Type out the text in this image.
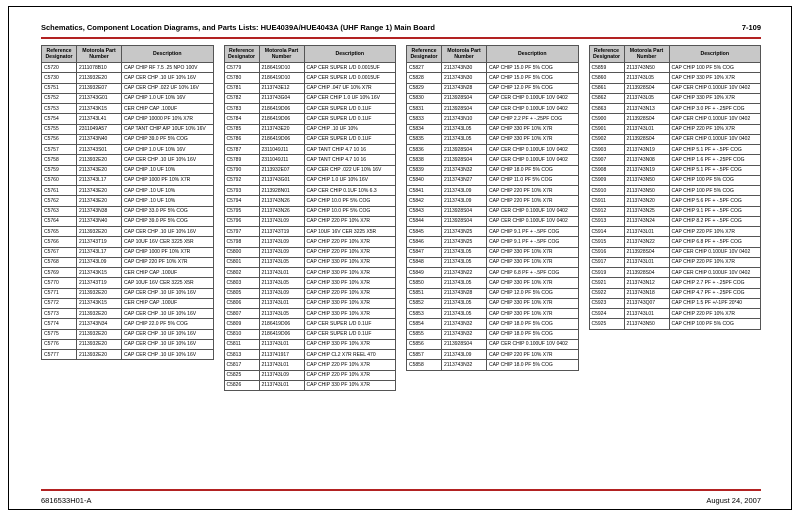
Schematics, Component Location Diagrams, and Parts Lists: HUE4039A/HUE4043A (UHF Range 1) Main Board	7-109
Reference Designator	Motorola Part Number	Description
C5720	2111078B10	CAP CHIP RF 7.5 .25 NPO 100V
C5730	2113932E20	CAP CER CHP .10 UF 10% 16V
C5751	2113932E07	CAP CER CHP .022 UF 10% 16V
C5752	2113743G01	CAP CHIP 1.0 UF 10% 16V
C5753	2113743K15	CER CHIP CAP .100UF
C5754	2113743L41	CAP CHIP 10000 PF 10% X7R
C5755	2311049A57	CAP TANT CHIP A/P 10UF 10% 16V
C5756	2113743N40	CAP CHIP 39.0 PF 5% COG
C5757	2113743S01	CAP CHIP 1.0 UF 10% 16V
C5758	2113932E20	CAP CER CHP .10 UF 10% 16V
C5759	2113743E20	CAP CHIP .10 UF 10%
C5760	2113743L17	CAP CHIP 1000 PF 10% X7R
C5761	2113743E20	CAP CHIP .10 UF 10%
C5762	2113743E20	CAP CHIP .10 UF 10%
C5763	2113743N38	CAP CHIP 33.0 PF 5% COG
C5764	2113743N40	CAP CHIP 39.0 PF 5% COG
C5765	2113932E20	CAP CER CHP .10 UF 10% 16V
C5766	2113743T19	CAP 10UF 16V CER 3225 X5R
C5767	2113743L17	CAP CHIP 1000 PF 10% X7R
C5768	2113743L09	CAP CHIP 220 PF 10% X7R
C5769	2113743K15	CER CHIP CAP .100UF
C5770	2113743T19	CAP 10UF 16V CER 3225 X5R
C5771	2113932E20	CAP CER CHP .10 UF 10% 16V
C5772	2113743K15	CER CHIP CAP .100UF
C5773	2113932E20	CAP CER CHP .10 UF 10% 16V
C5774	2113743N34	CAP CHIP 22.0 PF 5% COG
C5775	2113932E20	CAP CER CHP .10 UF 10% 16V
C5776	2113932E20	CAP CER CHP .10 UF 10% 16V
C5777	2113932E20	CAP CER CHP .10 UF 10% 16V
Reference Designator	Motorola Part Number	Description
C5779	2186419D10	CAP CER SUPER L/D 0.0015UF
C5780	2186419D10	CAP CER SUPER L/D 0.0015UF
C5781	2113743E12	CAP CHIP .047 UF 10% X7R
C5782	2113743G04	CAP CER CHIP 1.0 UF 10% 16V
C5783	2186419D06	CAP CER SUPER L/D 0.1UF
C5784	2186419D06	CAP CER SUPER L/D 0.1UF
C5785	2113743E20	CAP CHIP .10 UF 10%
C5786	2186419D06	CAP CER SUPER L/D 0.1UF
C5787	2311049J11	CAP TANT CHIP 4.7 10 16
C5789	2311049J11	CAP TANT CHIP 4.7 10 16
C5790	2113932E07	CAP CER CHP .022 UF 10% 16V
C5792	2113743G01	CAP CHIP 1.0 UF 10% 16V
C5793	2113928N01	CAP CER CHIP 0.1UF 10% 6.3
C5794	2113743N26	CAP CHIP 10.0 PF 5% COG
C5795	2113743N26	CAP CHIP 10.0 PF 5% COG
C5796	2113743L09	CAP CHIP 220 PF 10% X7R
C5797	2113743T19	CAP 10UF 16V CER 3225 X5R
C5798	2113743L09	CAP CHIP 220 PF 10% X7R
C5800	2113743L09	CAP CHIP 220 PF 10% X7R
C5801	2113743L05	CAP CHIP 330 PF 10% X7R
C5802	2113743L01	CAP CHIP 330 PF 10% X7R
C5803	2113743L05	CAP CHIP 330 PF 10% X7R
C5805	2113743L09	CAP CHIP 220 PF 10% X7R
C5806	2113743L01	CAP CHIP 330 PF 10% X7R
C5807	2113743L05	CAP CHIP 330 PF 10% X7R
C5809	2186419D06	CAP CER SUPER L/D 0.1UF
C5810	2186419D06	CAP CER SUPER L/D 0.1UF
C5811	2113743L01	CAP CHIP 330 PF 10% X7R
C5813	2113741917	CAP CHIP CL2 X7R REEL 470
C5817	2113743L01	CAP CHIP 220 PF 10% X7R
C5825	2113743L09	CAP CHIP 220 PF 10% X7R
C5826	2113743L01	CAP CHIP 330 PF 10% X7R
Reference Designator	Motorola Part Number	Description
C5827	2113743N30	CAP CHIP 15.0 PF 5% COG
C5828	2113743N30	CAP CHIP 15.0 PF 5% COG
C5829	2113743N28	CAP CHIP 12.0 PF 5% COG
C5830	2113928S04	CAP CER CHIP 0.100UF 10V 0402
C5831	2113928S04	CAP CER CHIP 0.100UF 10V 0402
C5833	2113743N10	CAP CHIP 2.2 PF + -.25PF COG
C5834	2113743L05	CAP CHIP 330 PF 10% X7R
C5835	2113743L05	CAP CHIP 330 PF 10% X7R
C5836	2113928S04	CAP CER CHIP 0.100UF 10V 0402
C5838	2113928S04	CAP CER CHIP 0.100UF 10V 0402
C5839	2113743N32	CAP CHIP 18.0 PF 5% COG
C5840	2113743N27	CAP CHIP 11.0 PF 5% COG
C5841	2113743L09	CAP CHIP 220 PF 10% X7R
C5842	2113743L09	CAP CHIP 220 PF 10% X7R
C5843	2113928S04	CAP CER CHIP 0.100UF 10V 0402
C5844	2113928S04	CAP CER CHIP 0.100UF 10V 0402
C5845	2113743N25	CAP CHIP 9.1 PF + -.5PF COG
C5846	2113743N25	CAP CHIP 9.1 PF + -.5PF COG
C5847	2113743L05	CAP CHIP 330 PF 10% X7R
C5848	2113743L05	CAP CHIP 330 PF 10% X7R
C5849	2113743N22	CAP CHIP 6.8 PF + -.5PF COG
C5850	2113743L05	CAP CHIP 330 PF 10% X7R
C5851	2113743N28	CAP CHIP 12.0 PF 5% COG
C5852	2113743L05	CAP CHIP 330 PF 10% X7R
C5853	2113743L05	CAP CHIP 330 PF 10% X7R
C5854	2113743N32	CAP CHIP 18.0 PF 5% COG
C5855	2113743N32	CAP CHIP 18.0 PF 5% COG
C5856	2113928S04	CAP CER CHIP 0.100UF 10V 0402
C5857	2113743L09	CAP CHIP 220 PF 10% X7R
C5858	2113743N32	CAP CHIP 18.0 PF 5% COG
Reference Designator	Motorola Part Number	Description
C5859	2113743N50	CAP CHIP 100 PF 5% COG
C5860	2113743L05	CAP CHIP 330 PF 10% X7R
C5861	2113928S04	CAP CER CHIP 0.100UF 10V 0402
C5862	2113743L05	CAP CHIP 330 PF 10% X7R
C5863	2113743N13	CAP CHIP 3.0 PF + -.25PF COG
C5900	2113928S04	CAP CER CHIP 0.100UF 10V 0402
C5901	2113743L01	CAP CHIP 220 PF 10% X7R
C5902	2113928S04	CAP CER CHIP 0.100UF 10V 0402
C5903	2113743N19	CAP CHIP 5.1 PF + -.5PF COG
C5907	2113743N08	CAP CHIP 1.6 PF + -.25PF COG
C5908	2113743N19	CAP CHIP 5.1 PF + -.5PF COG
C5909	2113743N50	CAP CHIP 100 PF 5% COG
C5910	2113743N50	CAP CHIP 100 PF 5% COG
C5911	2113743N20	CAP CHIP 5.6 PF + -.5PF COG
C5912	2113743N25	CAP CHIP 9.1 PF + -.5PF COG
C5913	2113743N24	CAP CHIP 8.2 PF + -.5PF COG
C5914	2113743L01	CAP CHIP 220 PF 10% X7R
C5915	2113743N22	CAP CHIP 6.8 PF + -.5PF COG
C5916	2113928S04	CAP CER CHIP 0.100UF 10V 0402
C5917	2113743L01	CAP CHIP 220 PF 10% X7R
C5919	2113928S04	CAP CER CHIP 0.100UF 10V 0402
C5921	2113743N12	CAP CHIP 2.7 PF + -.25PF COG
C5922	2113743N18	CAP CHIP 4.7 PF + -.25PF COG
C5923	2113743Q07	CAP CHIP 1.5 PF +/-1PF 20*40
C5924	2113743L01	CAP CHIP 220 PF 10% X7R
C5925	2113743N50	CAP CHIP 100 PF 5% COG
6816533H01-A	August 24, 2007
